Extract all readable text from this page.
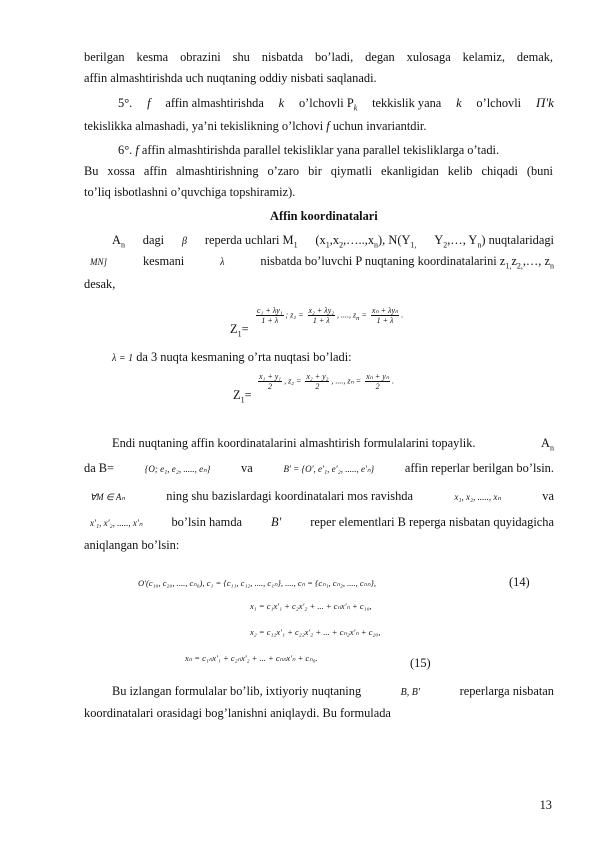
berilgan kesma obrazini shu nisbatda bo’ladi, degan xulosaga kelamiz, demak,
affin almashtirishda uch nuqtaning oddiy nisbati saqlanadi.
5°. f affin almashtirishda k o’lchovli $P_k$ tekkislik yana k o’lchovli Π′k
tekislikka almashadi, ya’ni tekislikning o’lchovi f uchun invariantdir.
6°. f affin almashtirishda parallel tekisliklar yana parallel tekisliklarga o’tadi.
Bu xossa affin almashtirishning o’zaro bir qiymatli ekanligidan kelib chiqadi (buni
to’liq isbotlashni o’quvchiga topshiramiz).
Affin koordinatalari
$A_n$ dagi β reperda uchlari $M_1$ $(x_1,x_2,\dots..,x_n)$, $N(Y_{1,}$ $Y_2,\dots$, $Y_n$) nuqtalaridagi
MN]	kesmani	λ	nisbatda bo’luvchi P nuqtaning koordinatalarini $z_{1,}z_{2,},\dots$, $z_n$
desak,
$Z_1=$
$\frac{\text{c₁ + λy₁}}{1 + \lambda}$ ; $z_2 = \frac{\text{x₂ + λy₂}}{1 + \lambda}$ , ...., $z_n = x_n + \lambda y_n$
1 + λ
.
λ = 1 da 3 nuqta kesmaning o’rta nuqtasi bo’ladi:
$Z_1=$
$\frac{\text{x₁ + y₁}}{2}$ , $z_2 = \frac{\text{x₂ + y₂}}{2}$ , ...., $z_n = \frac{\text{xₙ + yₙ}}{2}$ .
Endi nuqtaning affin koordinatalarini almashtirish formulalarini topaylik.	$A_n$
da B=	{O; e₁, e₂, ....., eₙ} va	B′ = {O′, e′₁, e′₂, ....., e′ₙ} affin reperlar berilgan bo’lsin.
∀M ∈ Aₙ	ning shu bazislardagi koordinatalari mos ravishda	x₁, x₂, ....., xₙ	va
x′₁, x′₂, ....., x′ₙ bo’lsin hamda B′ reper elementlari B reperga nisbatan quyidagicha
aniqlangan bo’lsin:
O′(c₁₀, c₂₀, ...., cₙ₀), c₁ = {c₁₁, c₁₂, ...., c₁ₙ}, ...., cₙ = {cₙ₁, cₙ₂, ...., cₙₙ},	(14)
x₁ = c₁x′₁ + c₂x′₂ + ... + cₙx′ₙ + c₁₀,
x₂ = c₁₂x′₁ + c₂₂x′₂ + ... + cₙ₂x′ₙ + c₂₀,
xₙ = c₁ₙx′₁ + c₂ₙx′₂ + ... + cₙₙx′ₙ + cₙ₀.	(15)
Bu izlangan formulalar bo’lib, ixtiyoriy nuqtaning	B, B′	reperlarga nisbatan
koordinatalari orasidagi bog’lanishni aniqlaydi. Bu formulada
13
